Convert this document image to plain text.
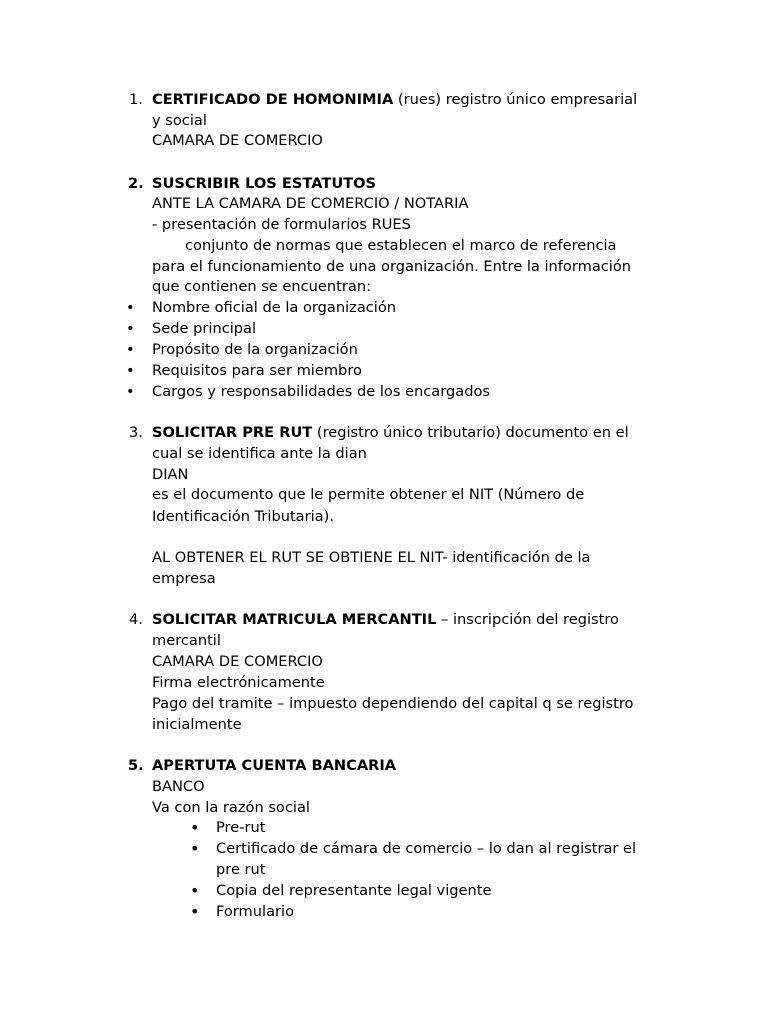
1. CERTIFICADO DE HOMONIMIA (rues) registro único empresarial
y social
CAMARA DE COMERCIO
2. SUSCRIBIR LOS ESTATUTOS
ANTE LA CAMARA DE COMERCIO / NOTARIA
- presentación de formularios RUES
conjunto de normas que establecen el marco de referencia
para el funcionamiento de una organización. Entre la información
que contienen se encuentran:
• Nombre oficial de la organización
• Sede principal
• Propósito de la organización
• Requisitos para ser miembro
• Cargos y responsabilidades de los encargados
3. SOLICITAR PRE RUT (registro único tributario) documento en el
cual se identifica ante la dian
DIAN
es el documento que le permite obtener el NIT (Número de
Identificación Tributaria).
AL OBTENER EL RUT SE OBTIENE EL NIT- identificación de la
empresa
4. SOLICITAR MATRICULA MERCANTIL – inscripción del registro
mercantil
CAMARA DE COMERCIO
Firma electrónicamente
Pago del tramite – impuesto dependiendo del capital q se registro
inicialmente
5. APERTUTA CUENTA BANCARIA
BANCO
Va con la razón social
• Pre-rut
• Certificado de cámara de comercio – lo dan al registrar el
pre rut
• Copia del representante legal vigente
• Formulario
